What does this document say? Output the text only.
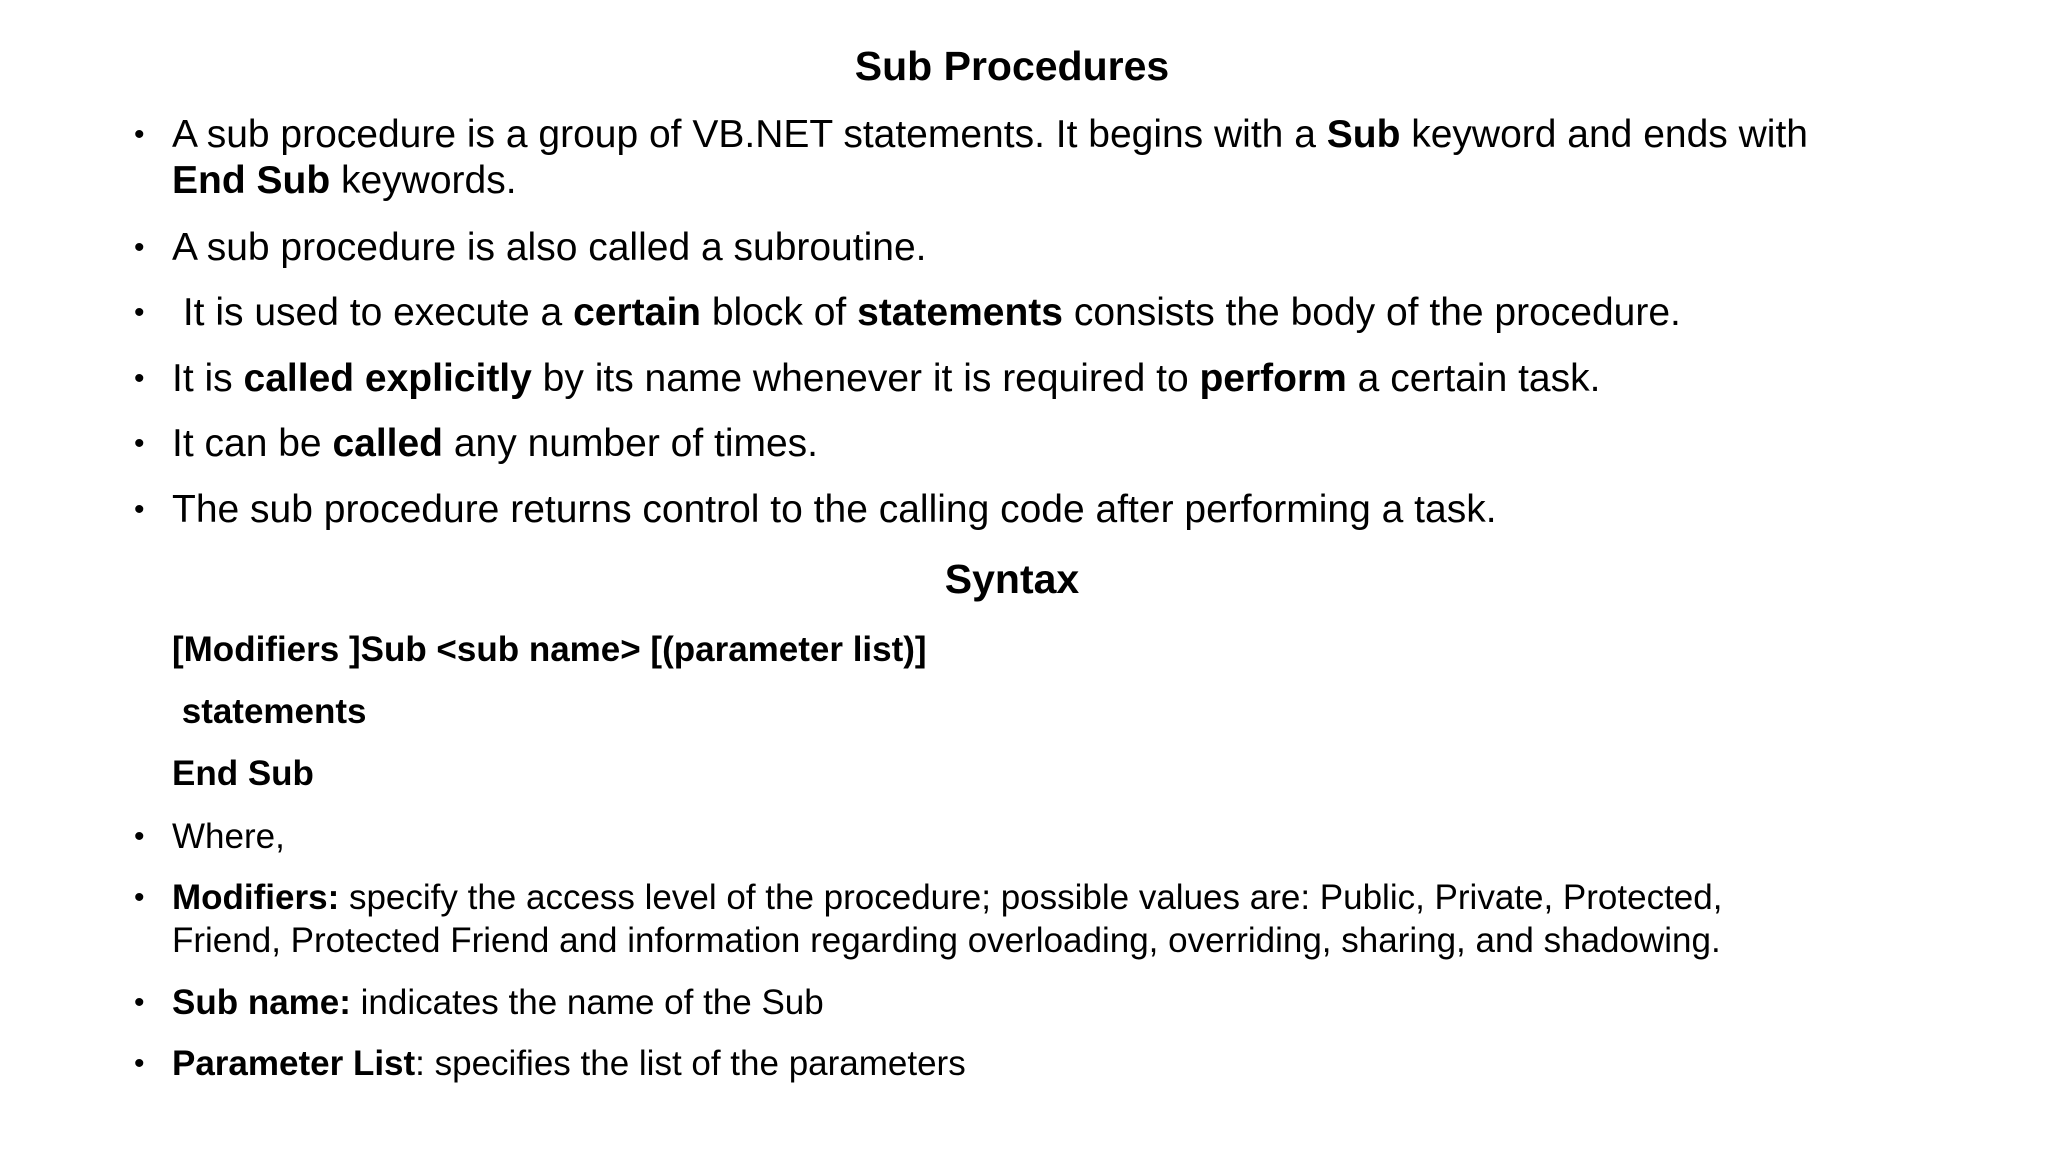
Sub Procedures
• A sub procedure is a group of VB.NET statements. It begins with a Sub keyword and ends with
End Sub keywords.
• A sub procedure is also called a subroutine.
• It is used to execute a certain block of statements consists the body of the procedure.
• It is called explicitly by its name whenever it is required to perform a certain task.
• It can be called any number of times.
• The sub procedure returns control to the calling code after performing a task.
Syntax
[Modifiers ]Sub <sub name> [(parameter list)]
statements
End Sub
• Where,
• Modifiers: specify the access level of the procedure; possible values are: Public, Private, Protected,
Friend, Protected Friend and information regarding overloading, overriding, sharing, and shadowing.
• Sub name: indicates the name of the Sub
• Parameter List: specifies the list of the parameters
